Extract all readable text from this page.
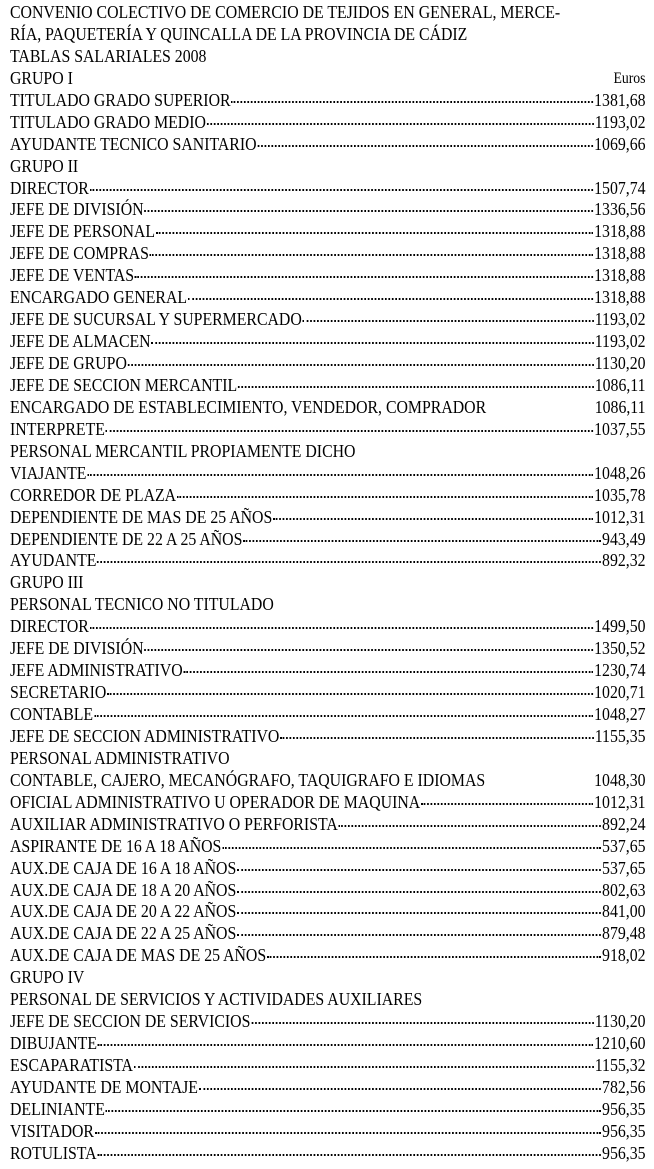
CONVENIO COLECTIVO DE COMERCIO DE TEJIDOS EN GENERAL, MERCE-
RÍA, PAQUETERÍA Y QUINCALLA DE LA PROVINCIA DE CÁDIZ
TABLAS SALARIALES 2008
GRUPO I	Euros
TITULADO GRADO SUPERIOR	1381,68
TITULADO GRADO MEDIO	1193,02
AYUDANTE TECNICO SANITARIO	1069,66
GRUPO II
DIRECTOR	1507,74
JEFE DE DIVISIÓN	1336,56
JEFE DE PERSONAL	1318,88
JEFE DE COMPRAS	1318,88
JEFE DE VENTAS	1318,88
ENCARGADO GENERAL	1318,88
JEFE DE SUCURSAL Y SUPERMERCADO	1193,02
JEFE DE ALMACEN	1193,02
JEFE DE GRUPO	1130,20
JEFE DE SECCION MERCANTIL	1086,11
ENCARGADO DE ESTABLECIMIENTO, VENDEDOR, COMPRADOR	1086,11
INTERPRETE	1037,55
PERSONAL MERCANTIL PROPIAMENTE DICHO
VIAJANTE	1048,26
CORREDOR DE PLAZA	1035,78
DEPENDIENTE DE MAS DE 25 AÑOS	1012,31
DEPENDIENTE DE 22 A 25 AÑOS	943,49
AYUDANTE	892,32
GRUPO III
PERSONAL TECNICO NO TITULADO
DIRECTOR	1499,50
JEFE DE DIVISIÓN	1350,52
JEFE ADMINISTRATIVO	1230,74
SECRETARIO	1020,71
CONTABLE	1048,27
JEFE DE SECCION ADMINISTRATIVO	1155,35
PERSONAL ADMINISTRATIVO
CONTABLE, CAJERO, MECANÓGRAFO, TAQUIGRAFO E IDIOMAS	1048,30
OFICIAL ADMINISTRATIVO U OPERADOR DE MAQUINA	1012,31
AUXILIAR ADMINISTRATIVO O PERFORISTA	892,24
ASPIRANTE DE 16 A 18 AÑOS	537,65
AUX.DE CAJA DE 16 A 18 AÑOS	537,65
AUX.DE CAJA DE 18 A 20 AÑOS	802,63
AUX.DE CAJA DE 20 A 22 AÑOS	841,00
AUX.DE CAJA DE 22 A 25 AÑOS	879,48
AUX.DE CAJA DE MAS DE 25 AÑOS	918,02
GRUPO IV
PERSONAL DE SERVICIOS Y ACTIVIDADES AUXILIARES
JEFE DE SECCION DE SERVICIOS	1130,20
DIBUJANTE	1210,60
ESCAPARATISTA	1155,32
AYUDANTE DE MONTAJE	782,56
DELINIANTE	956,35
VISITADOR	956,35
ROTULISTA	956,35
